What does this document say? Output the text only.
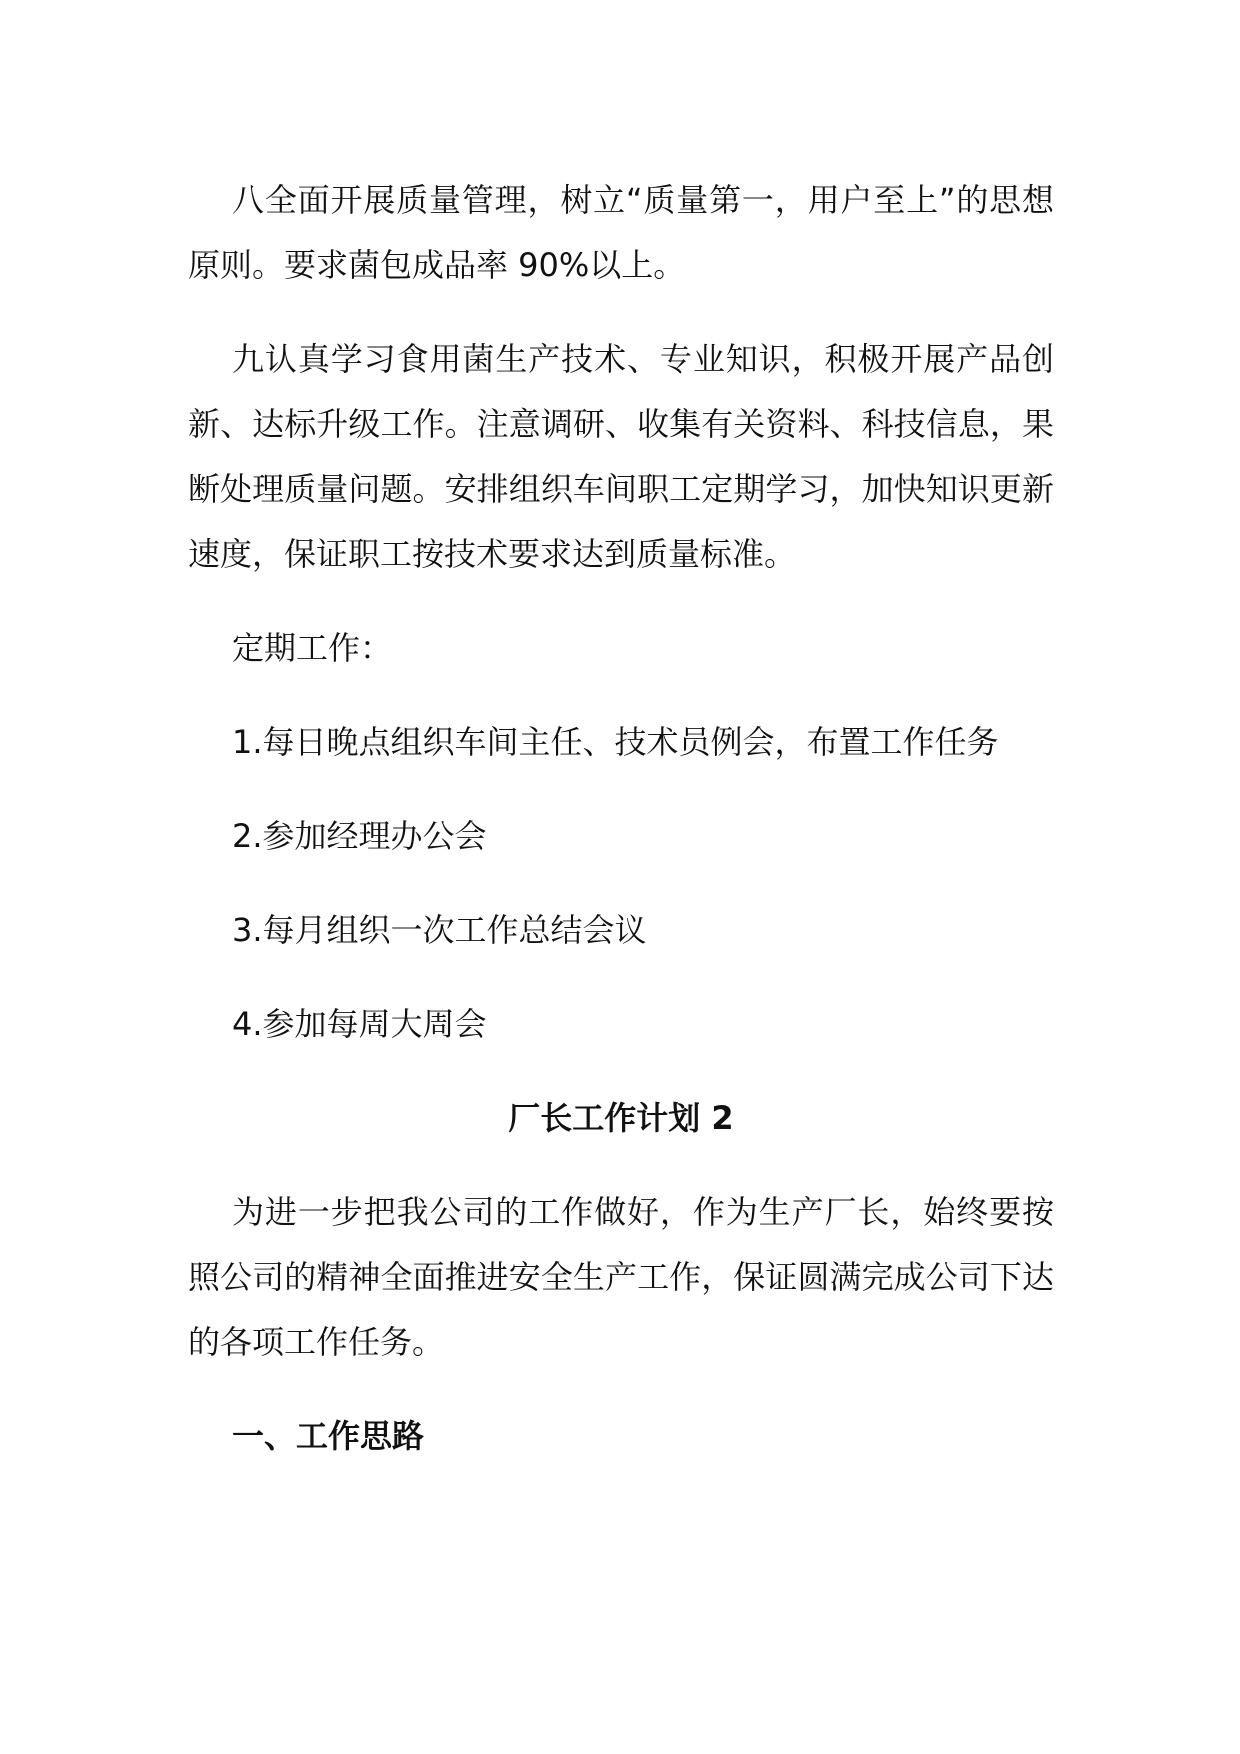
八全面开展质量管理，树立“质量第一，用户至上”的思想原则。要求菌包成品率 90%以上。

九认真学习食用菌生产技术、专业知识，积极开展产品创新、达标升级工作。注意调研、收集有关资料、科技信息，果断处理质量问题。安排组织车间职工定期学习，加快知识更新速度，保证职工按技术要求达到质量标准。

定期工作：

1.每日晚点组织车间主任、技术员例会，布置工作任务

2.参加经理办公会

3.每月组织一次工作总结会议

4.参加每周大周会

厂长工作计划 2

为进一步把我公司的工作做好，作为生产厂长，始终要按照公司的精神全面推进安全生产工作，保证圆满完成公司下达的各项工作任务。

一、工作思路
